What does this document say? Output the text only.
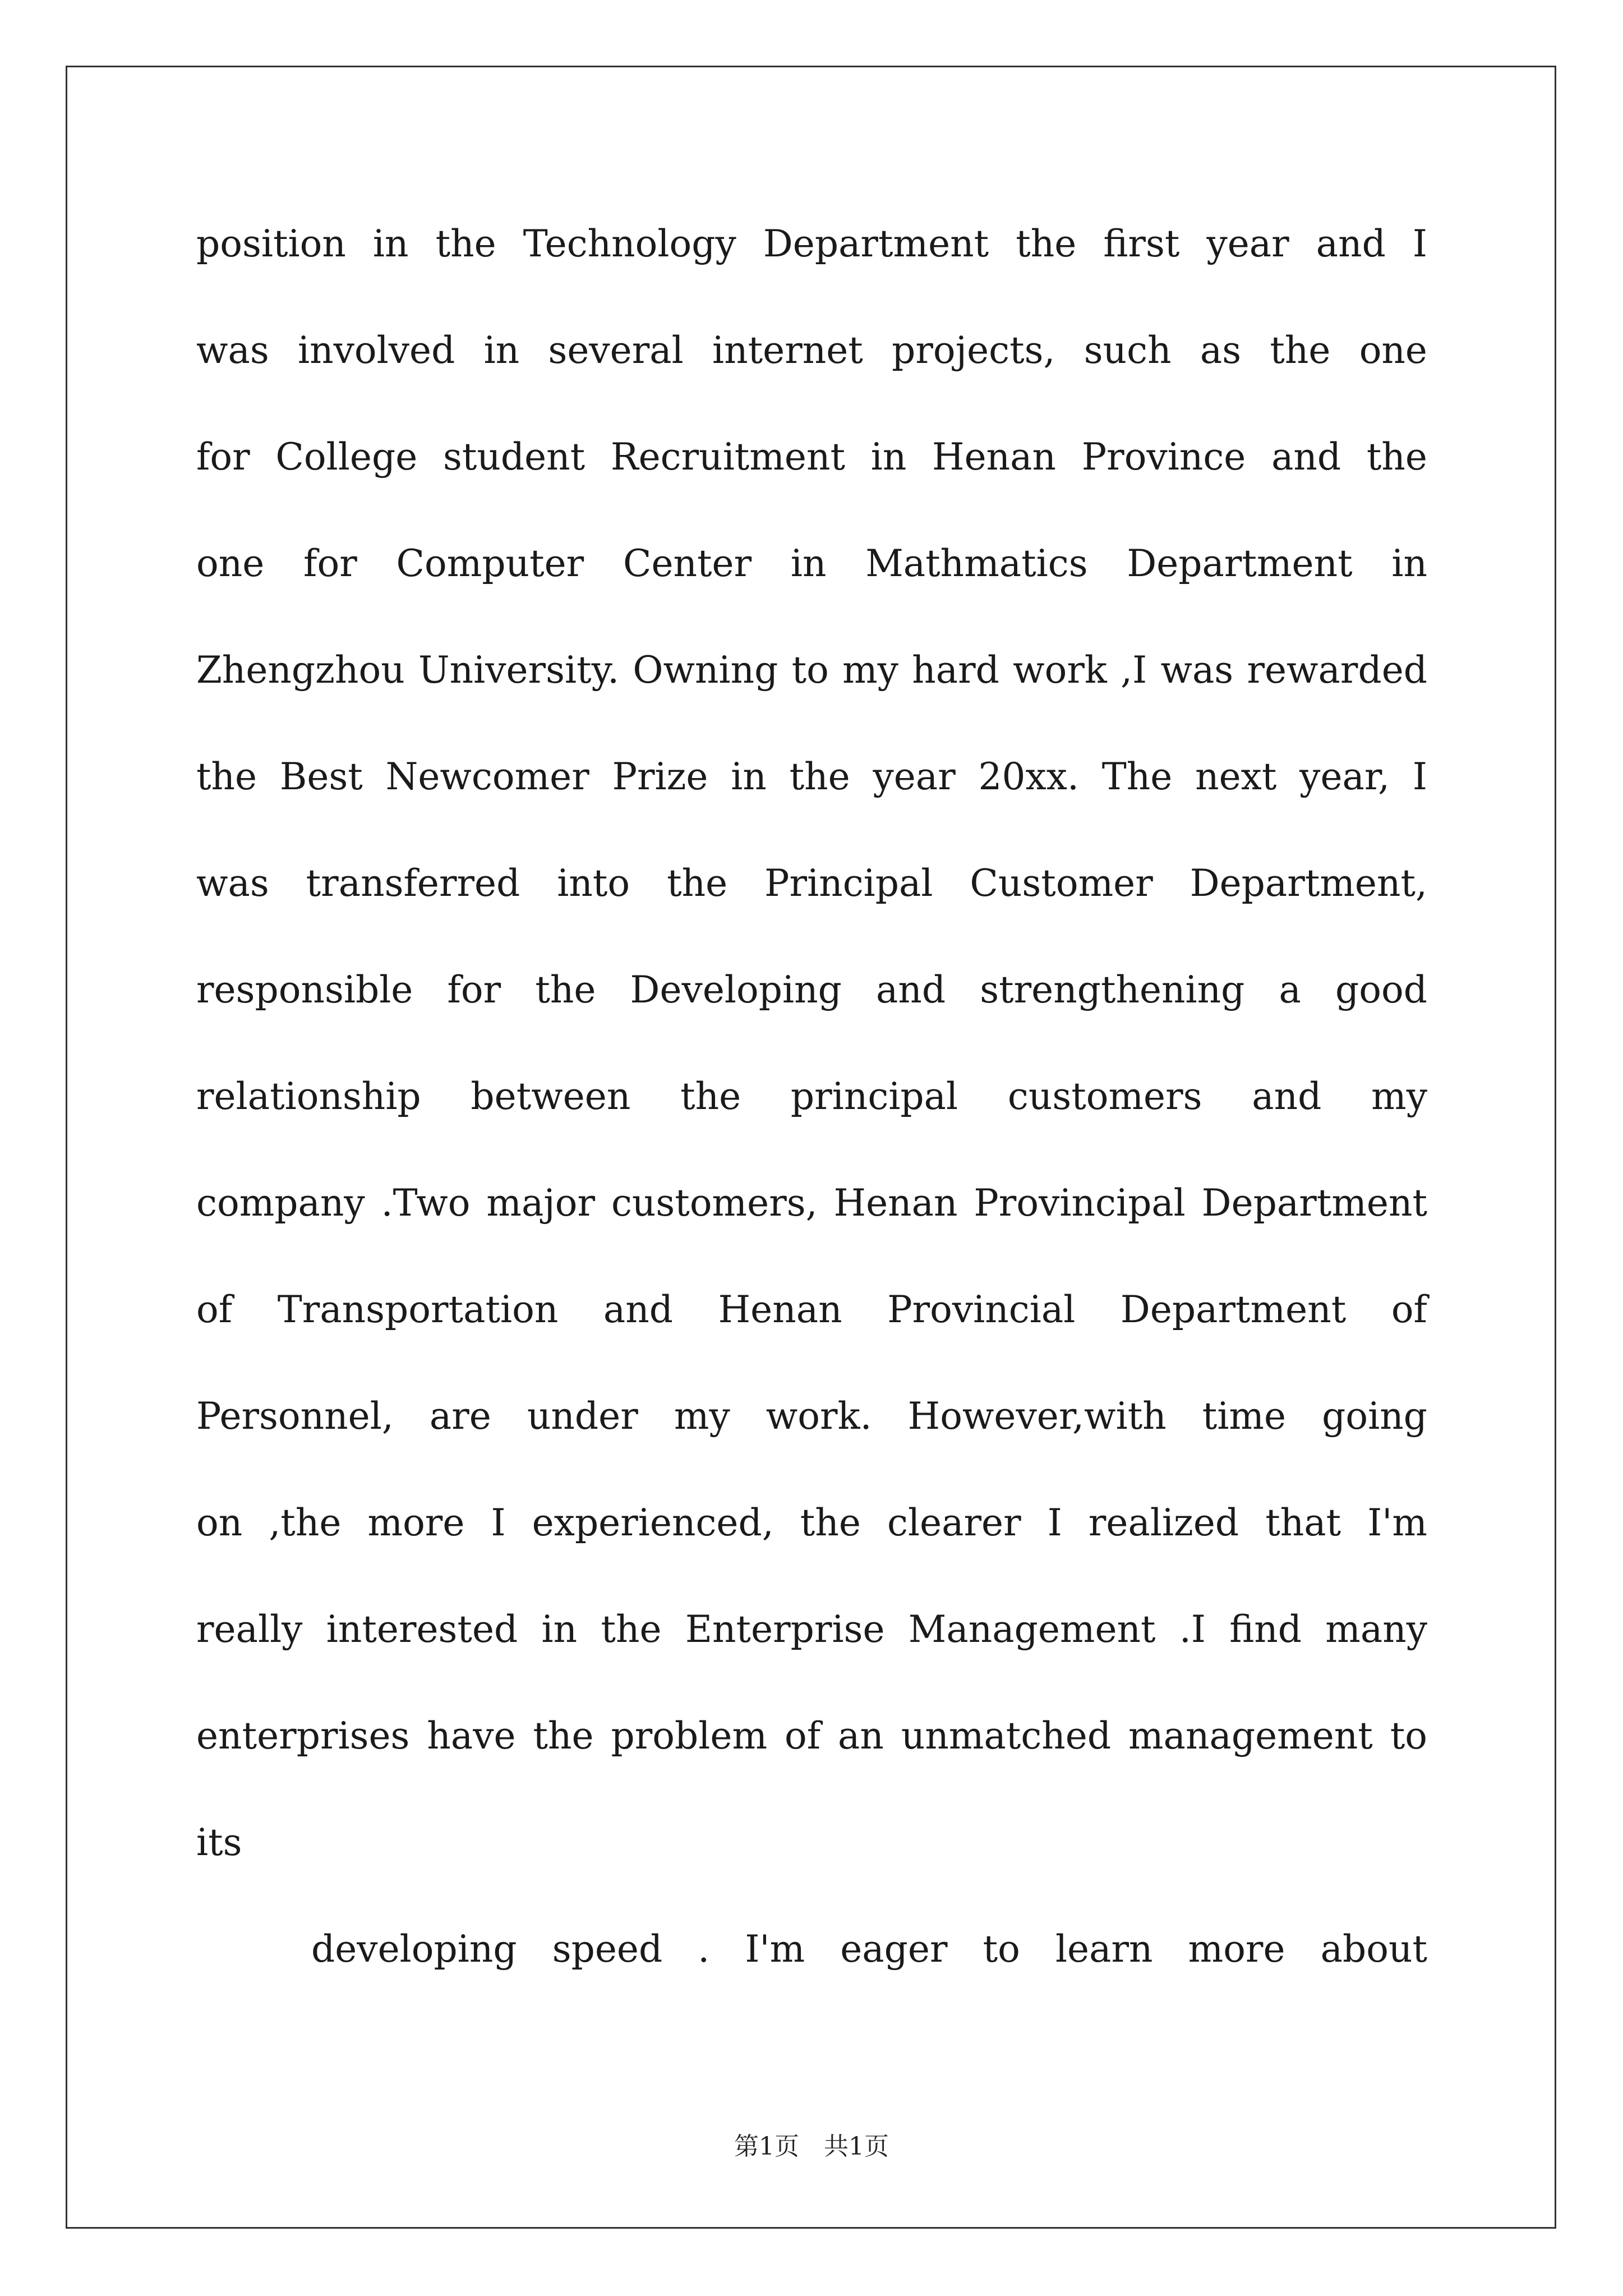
position in the Technology Department the first year and I
was involved in several internet projects, such as the one
for College student Recruitment in Henan Province and the
one for Computer Center in Mathmatics Department in
Zhengzhou University. Owning to my hard work ,I was rewarded
the Best Newcomer Prize in the year 20xx. The next year, I
was transferred into the Principal Customer Department,
responsible for the Developing and strengthening a good
relationship between the principal customers and my
company .Two major customers, Henan Provincipal Department
of Transportation and Henan Provincial Department of
Personnel, are under my work. However,with time going
on ,the more I experienced, the clearer I realized that I'm
really interested in the Enterprise Management .I find many
enterprises have the problem of an unmatched management to
its
developing speed . I'm eager to learn more about
第1页　共1页
